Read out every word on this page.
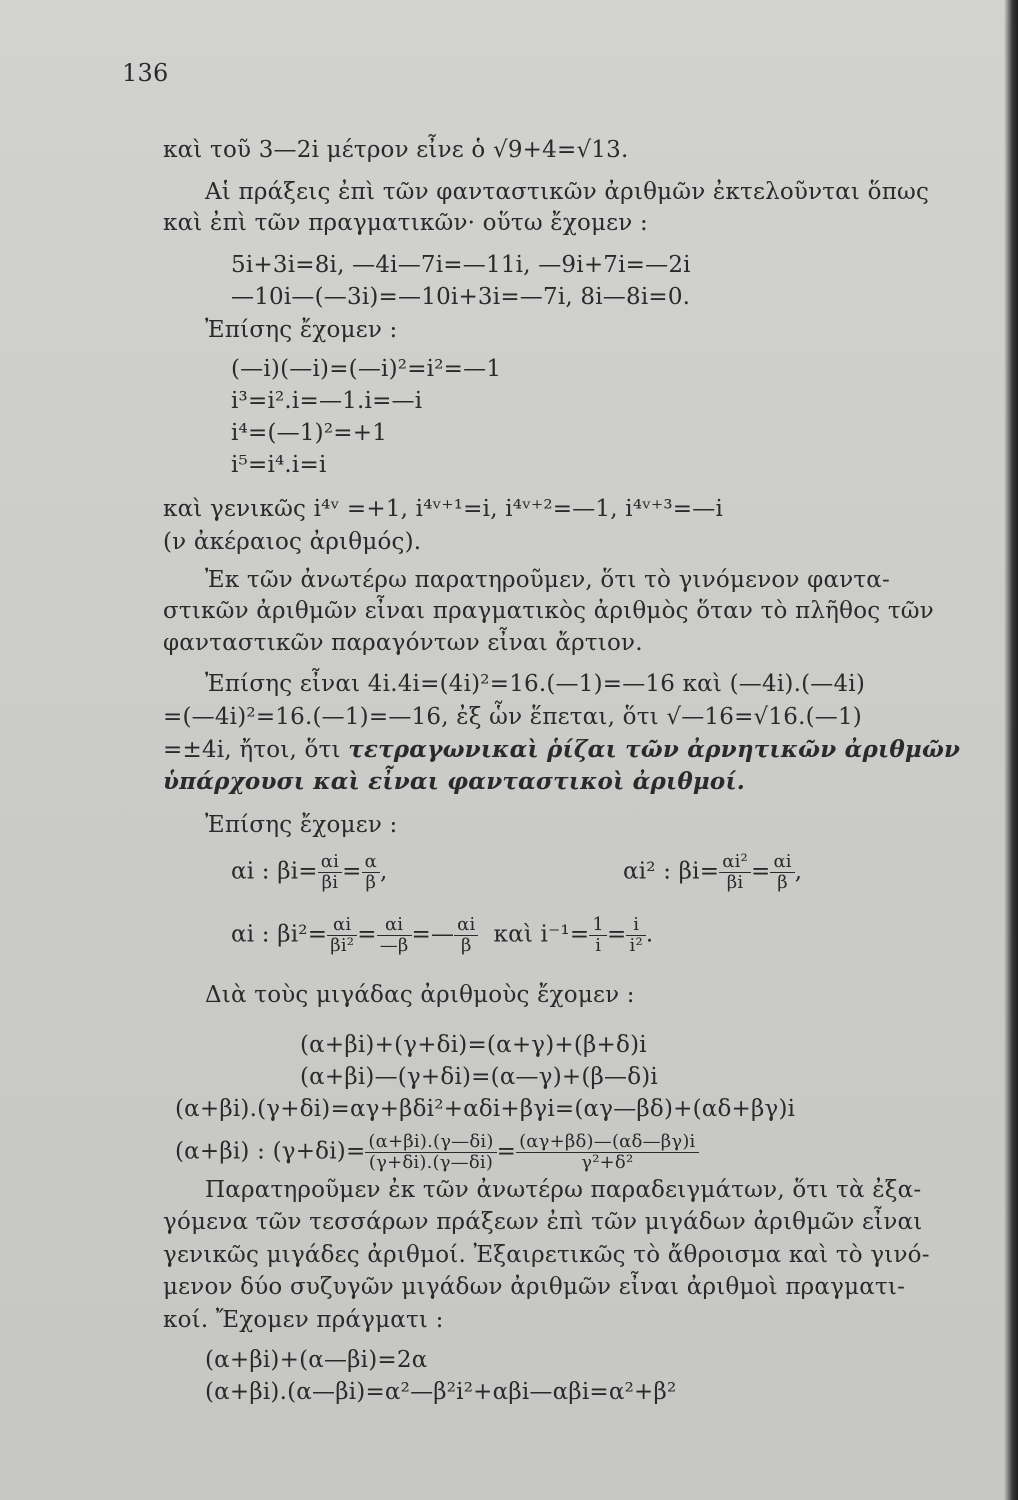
136
καὶ τοῦ 3—2i μέτρον εἶνε ὁ √9+4=√13.
Αἱ πράξεις ἐπὶ τῶν φανταστικῶν ἀριθμῶν ἐκτελοῦνται ὅπως
καὶ ἐπὶ τῶν πραγματικῶν· οὕτω ἔχομεν :
5i+3i=8i, —4i—7i=—11i, —9i+7i=—2i
—10i—(—3i)=—10i+3i=—7i, 8i—8i=0.
Ἐπίσης ἔχομεν :
(—i)(—i)=(—i)²=i²=—1
i³=i².i=—1.i=—i
i⁴=(—1)²=+1
i⁵=i⁴.i=i
καὶ γενικῶς i⁴ᵛ =+1, i⁴ᵛ⁺¹=i, i⁴ᵛ⁺²=—1, i⁴ᵛ⁺³=—i
(ν ἀκέραιος ἀριθμός).
Ἐκ τῶν ἀνωτέρω παρατηροῦμεν, ὅτι τὸ γινόμενον φαντα-
στικῶν ἀριθμῶν εἶναι πραγματικὸς ἀριθμὸς ὅταν τὸ πλῆθος τῶν
φανταστικῶν παραγόντων εἶναι ἄρτιον.
Ἐπίσης εἶναι 4i.4i=(4i)²=16.(—1)=—16 καὶ (—4i).(—4i)
=(—4i)²=16.(—1)=—16, ἐξ ὧν ἕπεται, ὅτι √—16=√16.(—1)
=±4i, ἤτοι, ὅτι τετραγωνικαὶ ῥίζαι τῶν ἀρνητικῶν ἀριθμῶν
ὑπάρχουσι καὶ εἶναι φανταστικοὶ ἀριθμοί.
Ἐπίσης ἔχομεν :
αi : $\beta i= \frac{\alpha i}{\beta i} = \frac{\alpha}{\beta}$ ,	αi² : $\beta i= \frac{\text{αi²}}{\beta i} = \frac{\alpha i}{\beta}$ ,
αi : $\beta i^2= \frac{\alpha i}{\text{βi²}} = \frac{\alpha i}{—\beta}$ =— $\frac{\alpha i}{\beta}$ καὶ $i^{-1}= \frac{1}{i} = \frac{i}{\text{i²}}$ .
Διὰ τοὺς μιγάδας ἀριθμοὺς ἔχομεν :
(α+βi)+(γ+δi)=(α+γ)+(β+δ)i
(α+βi)—(γ+δi)=(α—γ)+(β—δ)i
(α+βi).(γ+δi)=αγ+βδi²+αδi+βγi=(αγ—βδ)+(αδ+βγ)i
(α+βi) : $(\gamma+\delta i)= \frac{(\alpha+\beta i).(\gamma—\delta i)}{(\gamma+\delta i).(\gamma—\delta i)} = \frac{(\alpha\gamma+\beta\delta)—(\alpha\delta—\beta\gamma)i}{\text{γ²+δ²}}$
Παρατηροῦμεν ἐκ τῶν ἀνωτέρω παραδειγμάτων, ὅτι τὰ ἐξα-
γόμενα τῶν τεσσάρων πράξεων ἐπὶ τῶν μιγάδων ἀριθμῶν εἶναι
γενικῶς μιγάδες ἀριθμοί. Ἐξαιρετικῶς τὸ ἄθροισμα καὶ τὸ γινό-
μενον δύο συζυγῶν μιγάδων ἀριθμῶν εἶναι ἀριθμοὶ πραγματι-
κοί. Ἔχομεν πράγματι :
(α+βi)+(α—βi)=2α
(α+βi).(α—βi)=α²—β²i²+αβi—αβi=α²+β²
